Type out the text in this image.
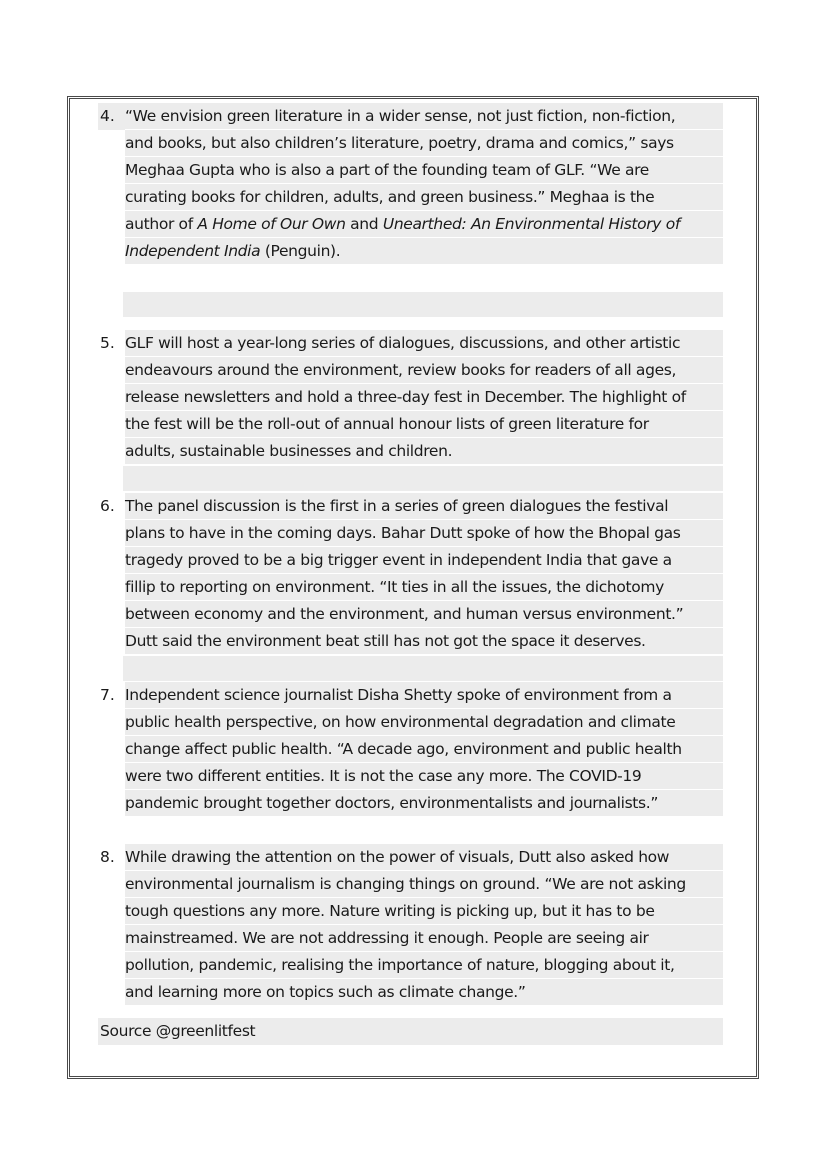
4. “We envision green literature in a wider sense, not just fiction, non-fiction,
and books, but also children’s literature, poetry, drama and comics,” says
Meghaa Gupta who is also a part of the founding team of GLF. “We are
curating books for children, adults, and green business.” Meghaa is the
author of A Home of Our Own and Unearthed: An Environmental History of
Independent India (Penguin).
5. GLF will host a year-long series of dialogues, discussions, and other artistic
endeavours around the environment, review books for readers of all ages,
release newsletters and hold a three-day fest in December. The highlight of
the fest will be the roll-out of annual honour lists of green literature for
adults, sustainable businesses and children.
6. The panel discussion is the first in a series of green dialogues the festival
plans to have in the coming days. Bahar Dutt spoke of how the Bhopal gas
tragedy proved to be a big trigger event in independent India that gave a
fillip to reporting on environment. “It ties in all the issues, the dichotomy
between economy and the environment, and human versus environment.”
Dutt said the environment beat still has not got the space it deserves.
7. Independent science journalist Disha Shetty spoke of environment from a
public health perspective, on how environmental degradation and climate
change affect public health. “A decade ago, environment and public health
were two different entities. It is not the case any more. The COVID-19
pandemic brought together doctors, environmentalists and journalists.”
8. While drawing the attention on the power of visuals, Dutt also asked how
environmental journalism is changing things on ground. “We are not asking
tough questions any more. Nature writing is picking up, but it has to be
mainstreamed. We are not addressing it enough. People are seeing air
pollution, pandemic, realising the importance of nature, blogging about it,
and learning more on topics such as climate change.”
Source @greenlitfest
